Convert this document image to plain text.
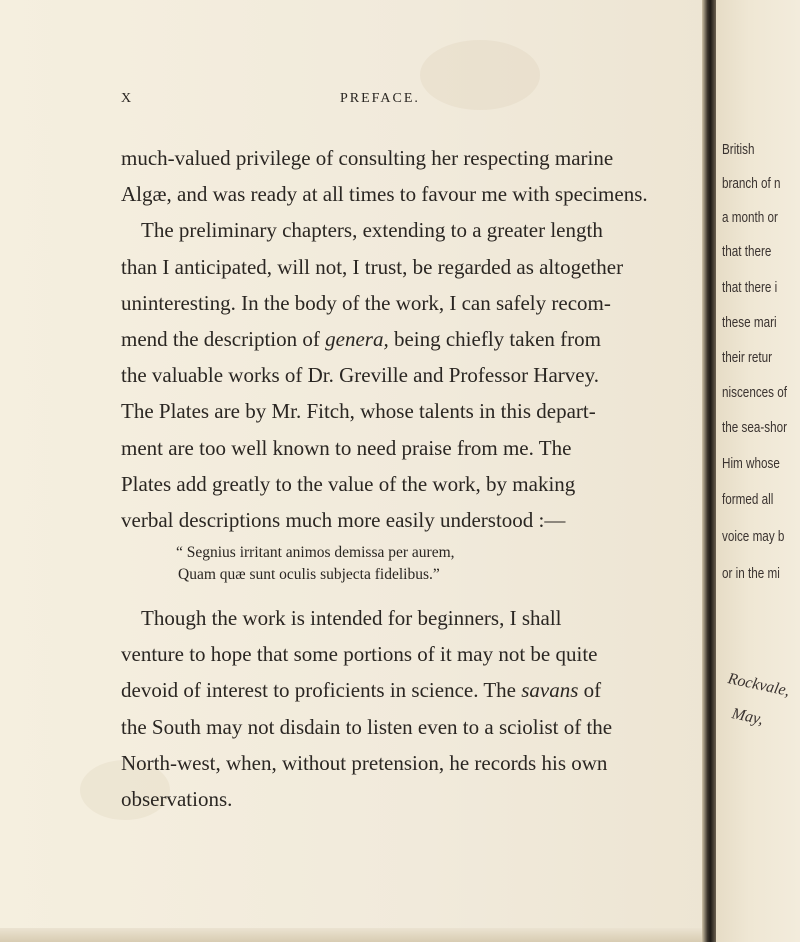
X	PREFACE.
much-valued privilege of consulting her respecting marine
Algæ, and was ready at all times to favour me with specimens.
The preliminary chapters, extending to a greater length
than I anticipated, will not, I trust, be regarded as altogether
uninteresting. In the body of the work, I can safely recom-
mend the description of genera, being chiefly taken from
the valuable works of Dr. Greville and Professor Harvey.
The Plates are by Mr. Fitch, whose talents in this depart-
ment are too well known to need praise from me. The
Plates add greatly to the value of the work, by making
verbal descriptions much more easily understood :—
“ Segnius irritant animos demissa per aurem,
Quam quæ sunt oculis subjecta fidelibus.”
Though the work is intended for beginners, I shall
venture to hope that some portions of it may not be quite
devoid of interest to proficients in science. The savans of
the South may not disdain to listen even to a sciolist of the
North-west, when, without pretension, he records his own
observations.
British
branch of n
a month or
that there
that there i
these mari
their retur
niscences of
the sea-shor
Him whose
formed all
voice may b
or in the mi
Rockvale,
May,
